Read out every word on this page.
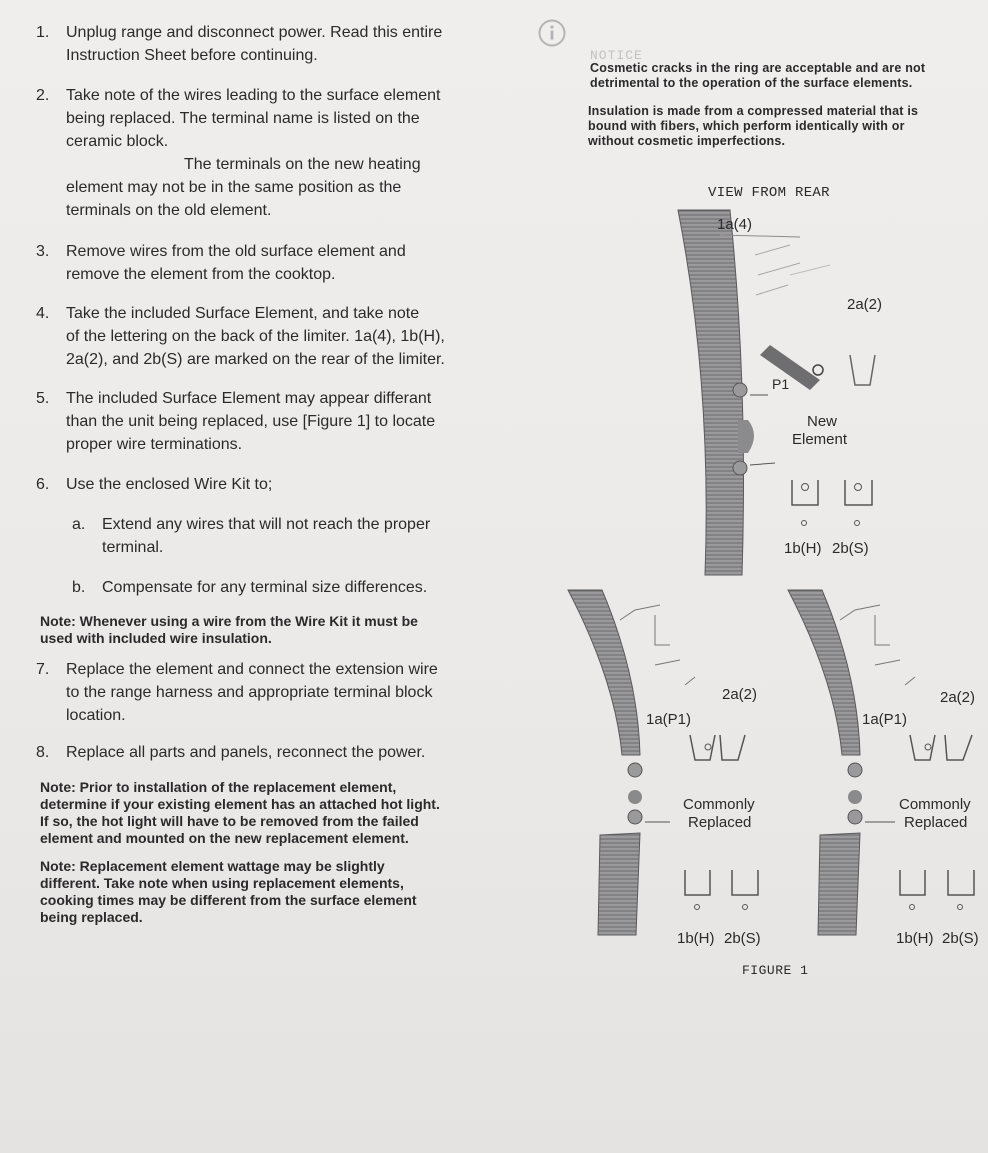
1. Unplug range and disconnect power. Read this entire
Instruction Sheet before continuing.
2. Take note of the wires leading to the surface element
being replaced. The terminal name is listed on the
ceramic block.
The terminals on the new heating
element may not be in the same position as the
terminals on the old element.
3. Remove wires from the old surface element and
remove the element from the cooktop.
4. Take the included Surface Element, and take note
of the lettering on the back of the limiter. 1a(4), 1b(H),
2a(2), and 2b(S) are marked on the rear of the limiter.
5. The included Surface Element may appear differant
than the unit being replaced, use [Figure 1] to locate
proper wire terminations.
6. Use the enclosed Wire Kit to;
a. Extend any wires that will not reach the proper
terminal.
b. Compensate for any terminal size differences.
Note: Whenever using a wire from the Wire Kit it must be
used with included wire insulation.
7. Replace the element and connect the extension wire
to the range harness and appropriate terminal block
location.
8. Replace all parts and panels, reconnect the power.
Note: Prior to installation of the replacement element,
determine if your existing element has an attached hot light.
If so, the hot light will have to be removed from the failed
element and mounted on the new replacement element.
Note: Replacement element wattage may be slightly
different. Take note when using replacement elements,
cooking times may be different from the surface element
being replaced.
NOTICE
Cosmetic cracks in the ring are acceptable and are not
detrimental to the operation of the surface elements.
Insulation is made from a compressed material that is
bound with fibers, which perform identically with or
without cosmetic imperfections.
VIEW FROM REAR
1a(4)
2a(2)
P1
New
Element
1b(H) 2b(S)
2a(2)
1a(P1)
Commonly
Replaced
1b(H) 2b(S)
2a(2)
1a(P1)
Commonly
Replaced
1b(H) 2b(S)
FIGURE 1
